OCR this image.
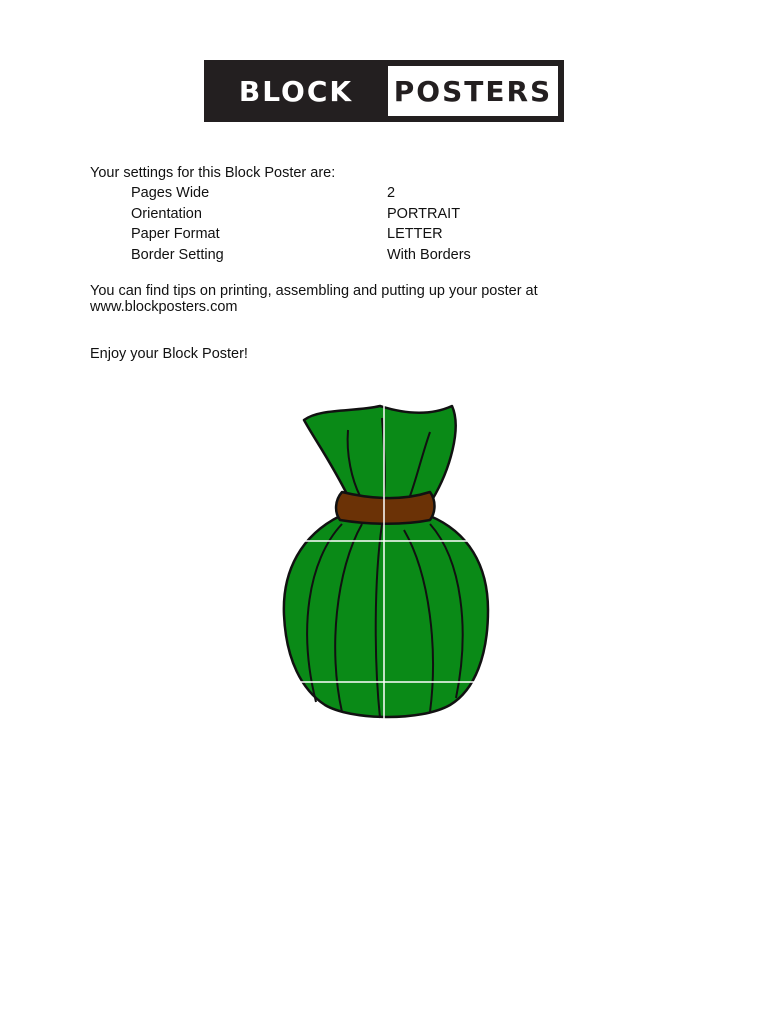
BLOCK	POSTERS
Your settings for this Block Poster are:
Pages Wide	2
Orientation	PORTRAIT
Paper Format	LETTER
Border Setting	With Borders
You can find tips on printing, assembling and putting up your poster at
www.blockposters.com
Enjoy your Block Poster!
